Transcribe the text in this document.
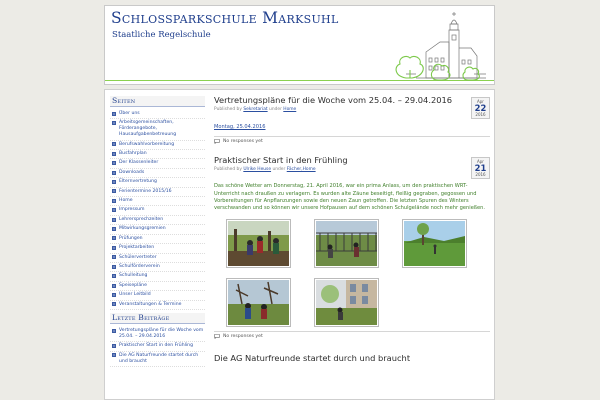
Schlossparkschule Marksuhl
Staatliche Regelschule
Seiten
Über uns
Arbeitsgemeinschaften, Förderangebote, Hausaufgabenbetreuung
Berufswahlvorbereitung
Busfahrplan
Der Klassenleiter
Downloads
Elternvertretung
Ferientermine 2015/16
Home
Impressum
Lehrersprechzeiten
Mitwirkungsgremien
Prüfungen
Projektarbeiten
Schülervertreter
Schulförderverein
Schulleitung
Speisepläne
Unser Leitbild
Veranstaltungen & Termine
Letzte Beiträge
Vertretungspläne für die Woche vom 25.04. – 29.04.2016
Praktischer Start in den Frühling
Die AG Naturfreunde startet durch und braucht
Vertretungspläne für die Woche vom 25.04. – 29.04.2016
Published by Sekretariat under Home
Apr
22
2016
Montag, 25.04.2016
No responses yet
Praktischer Start in den Frühling
Published by Ulrike Heuse under Fächer,Home
Apr
21
2016
Das schöne Wetter am Donnerstag, 21. April 2016, war ein prima Anlass, um den praktischen WRT-Unterricht nach draußen zu verlagern. Es wurden alte Zäune beseitigt, fleißig gegraben, gegossen und Vorbereitungen für Anpflanzungen sowie den neuen Zaun getroffen. Die letzten Spuren des Winters verschwanden und so können wir unsere Hofpausen auf dem schönen Schulgelände noch mehr genießen.
No responses yet
Die AG Naturfreunde startet durch und braucht
